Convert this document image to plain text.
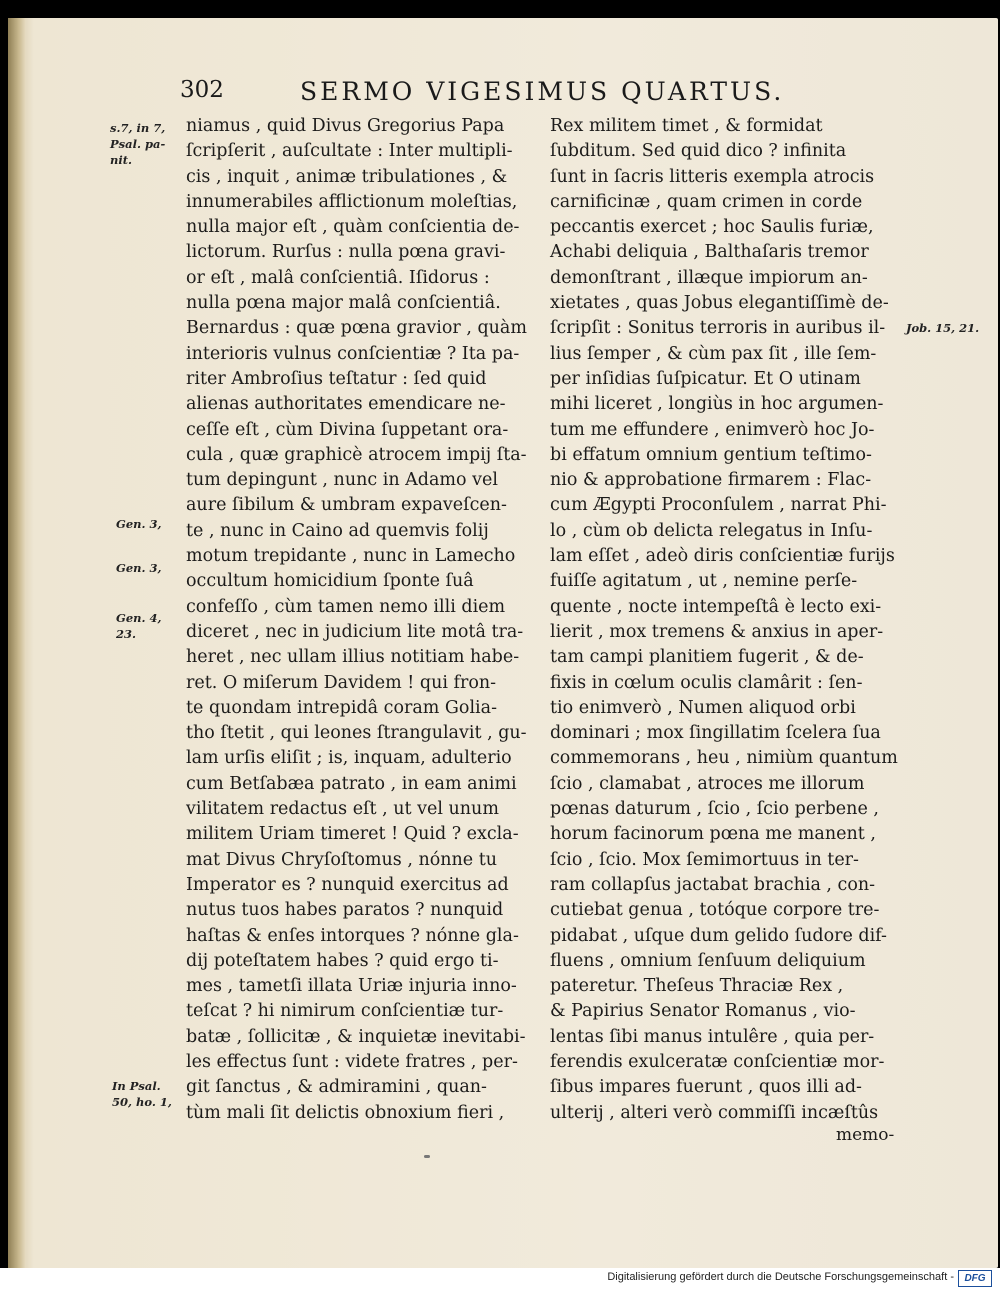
302	SERMO VIGESIMUS QUARTUS.
s.7, in 7, Psal. pa- nit.
Gen. 3,
Gen. 3,
Gen. 4, 23.
Job. 15, 21.
In Psal. 50, ho. 1,
niamus , quid Divus Gregorius Papa
ſcripſerit , auſcultate : Inter multipli-
cis , inquit , animæ tribulationes , &
innumerabiles afflictionum moleſtias,
nulla major eſt , quàm conſcientia de-
lictorum. Rurſus : nulla pœna gravi-
or eſt , malâ conſcientiâ. Iſidorus :
nulla pœna major malâ conſcientiâ.
Bernardus : quæ pœna gravior , quàm
interioris vulnus conſcientiæ ? Ita pa-
riter Ambroſius teſtatur : ſed quid
alienas authoritates emendicare ne-
ceſſe eſt , cùm Divina ſuppetant ora-
cula , quæ graphicè atrocem impij ſta-
tum depingunt , nunc in Adamo vel
aure ſibilum & umbram expaveſcen-
te , nunc in Caino ad quemvis folij
motum trepidante , nunc in Lamecho
occultum homicidium ſponte ſuâ
confeſſo , cùm tamen nemo illi diem
diceret , nec in judicium lite motâ tra-
heret , nec ullam illius notitiam habe-
ret. O miſerum Davidem ! qui fron-
te quondam intrepidâ coram Golia-
tho ſtetit , qui leones ſtrangulavit , gu-
lam urſis eliſit ; is, inquam, adulterio
cum Betſabæa patrato , in eam animi
vilitatem redactus eſt , ut vel unum
militem Uriam timeret ! Quid ? excla-
mat Divus Chryſoſtomus , nónne tu
Imperator es ? nunquid exercitus ad
nutus tuos habes paratos ? nunquid
haſtas & enſes intorques ? nónne gla-
dij poteſtatem habes ? quid ergo ti-
mes , tametſi illata Uriæ injuria inno-
teſcat ? hi nimirum conſcientiæ tur-
batæ , ſollicitæ , & inquietæ inevitabi-
les effectus ſunt : videte fratres , per-
git ſanctus , & admiramini , quan-
tùm mali ſit delictis obnoxium fieri ,
Rex militem timet , & formidat
ſubditum. Sed quid dico ? infinita
ſunt in ſacris litteris exempla atrocis
carnificinæ , quam crimen in corde
peccantis exercet ; hoc Saulis furiæ,
Achabi deliquia , Balthaſaris tremor
demonſtrant , illæque impiorum an-
xietates , quas Jobus elegantiſſimè de-
ſcripſit : Sonitus terroris in auribus il-
lius ſemper , & cùm pax ſit , ille ſem-
per inſidias ſuſpicatur. Et O utinam
mihi liceret , longiùs in hoc argumen-
tum me effundere , enimverò hoc Jo-
bi effatum omnium gentium teſtimo-
nio & approbatione firmarem : Flac-
cum Ægypti Proconſulem , narrat Phi-
lo , cùm ob delicta relegatus in Inſu-
lam eſſet , adeò diris conſcientiæ furijs
fuiſſe agitatum , ut , nemine perſe-
quente , nocte intempeſtâ è lecto exi-
lierit , mox tremens & anxius in aper-
tam campi planitiem fugerit , & de-
fixis in cœlum oculis clamârit : ſen-
tio enimverò , Numen aliquod orbi
dominari ; mox ſingillatim ſcelera ſua
commemorans , heu , nimiùm quantum
ſcio , clamabat , atroces me illorum
pœnas daturum , ſcio , ſcio perbene ,
horum facinorum pœna me manent ,
ſcio , ſcio. Mox ſemimortuus in ter-
ram collapſus jactabat brachia , con-
cutiebat genua , totóque corpore tre-
pidabat , uſque dum gelido ſudore dif-
fluens , omnium ſenſuum deliquium
pateretur. Theſeus Thraciæ Rex ,
& Papirius Senator Romanus , vio-
lentas ſibi manus intulêre , quia per-
ferendis exulceratæ conſcientiæ mor-
ſibus impares fuerunt , quos illi ad-
ulterij , alteri verò commiſſi incæſtûs
memo-
Digitalisierung gefördert durch die Deutsche Forschungsgemeinschaft -	DFG
